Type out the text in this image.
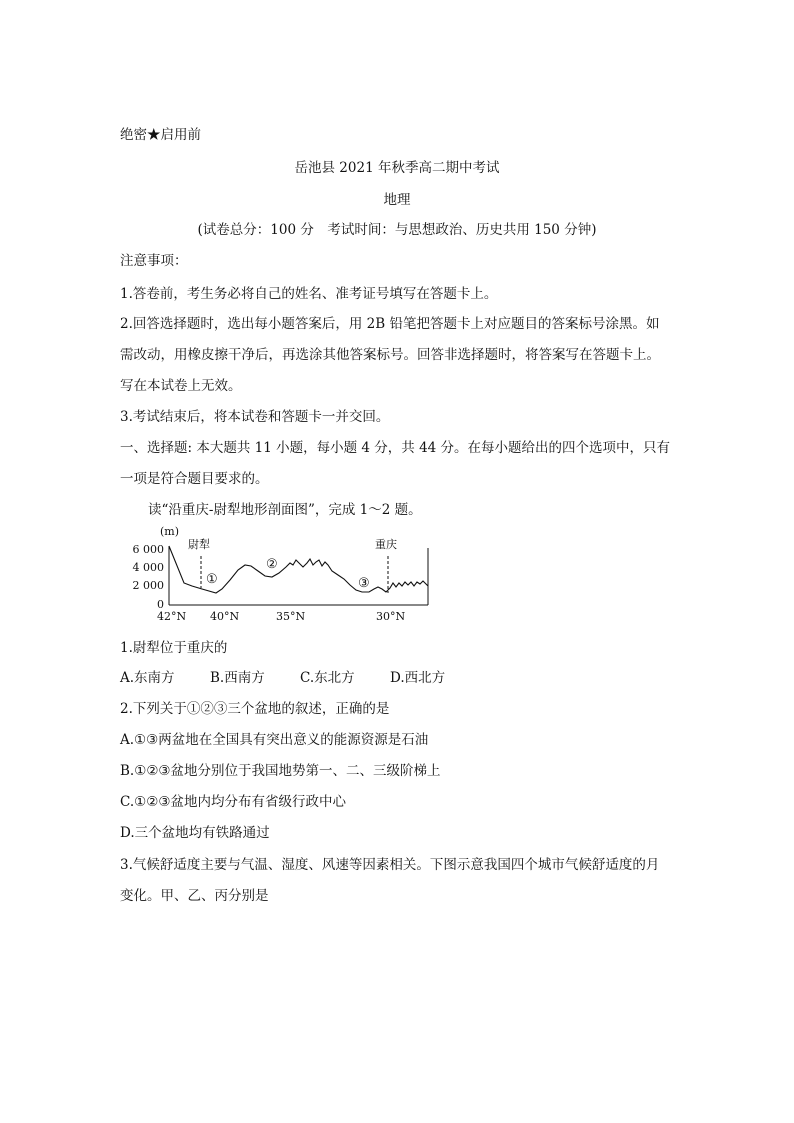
绝密★启用前
岳池县 2021 年秋季高二期中考试
地理
(试卷总分：100 分　考试时间：与思想政治、历史共用 150 分钟)
注意事项：
1.答卷前，考生务必将自己的姓名、准考证号填写在答题卡上。
2.回答选择题时，选出每小题答案后，用 2B 铅笔把答题卡上对应题目的答案标号涂黑。如
需改动，用橡皮擦干净后，再选涂其他答案标号。回答非选择题时，将答案写在答题卡上。
写在本试卷上无效。
3.考试结束后，将本试卷和答题卡一并交回。
一、选择题: 本大题共 11 小题，每小题 4 分，共 44 分。在每小题给出的四个选项中，只有
一项是符合题目要求的。
读“沿重庆-尉犁地形剖面图”，完成 1～2 题。
(m)
6 000
4 000
2 000
0
尉犁	重庆
①
②
③
42°N 40°N	35°N	30°N
1.尉犁位于重庆的
A.东南方	B.西南方	C.东北方	D.西北方
2.下列关于①②③三个盆地的叙述，正确的是
A.①③两盆地在全国具有突出意义的能源资源是石油
B.①②③盆地分别位于我国地势第一、二、三级阶梯上
C.①②③盆地内均分布有省级行政中心
D.三个盆地均有铁路通过
3.气候舒适度主要与气温、湿度、风速等因素相关。下图示意我国四个城市气候舒适度的月
变化。甲、乙、丙分别是
